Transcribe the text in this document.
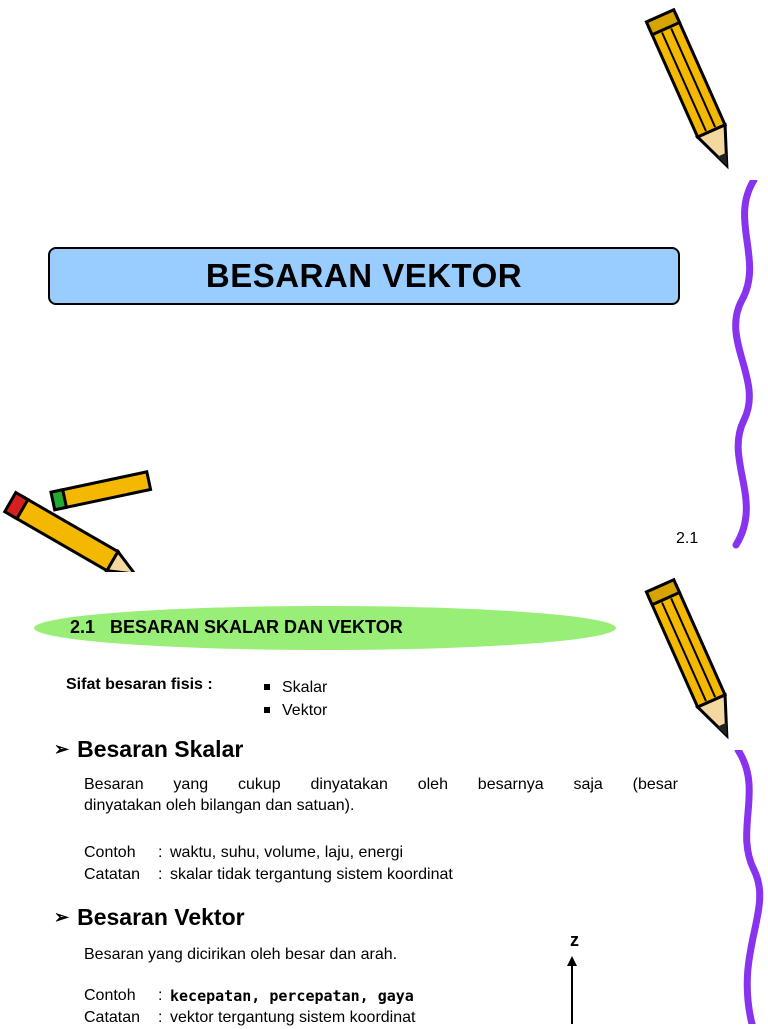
BESARAN VEKTOR
2.1
2.1   BESARAN SKALAR DAN VEKTOR
Sifat besaran fisis :	Skalar
Vektor
➢ Besaran Skalar
Besaran yang cukup dinyatakan oleh besarnya saja (besar
dinyatakan oleh bilangan dan satuan).
Contoh	: waktu, suhu, volume, laju, energi
Catatan	: skalar tidak tergantung sistem koordinat
➢ Besaran Vektor
Besaran yang dicirikan oleh besar dan arah.
Contoh	: kecepatan, percepatan, gaya
Catatan	: vektor tergantung sistem koordinat
z
